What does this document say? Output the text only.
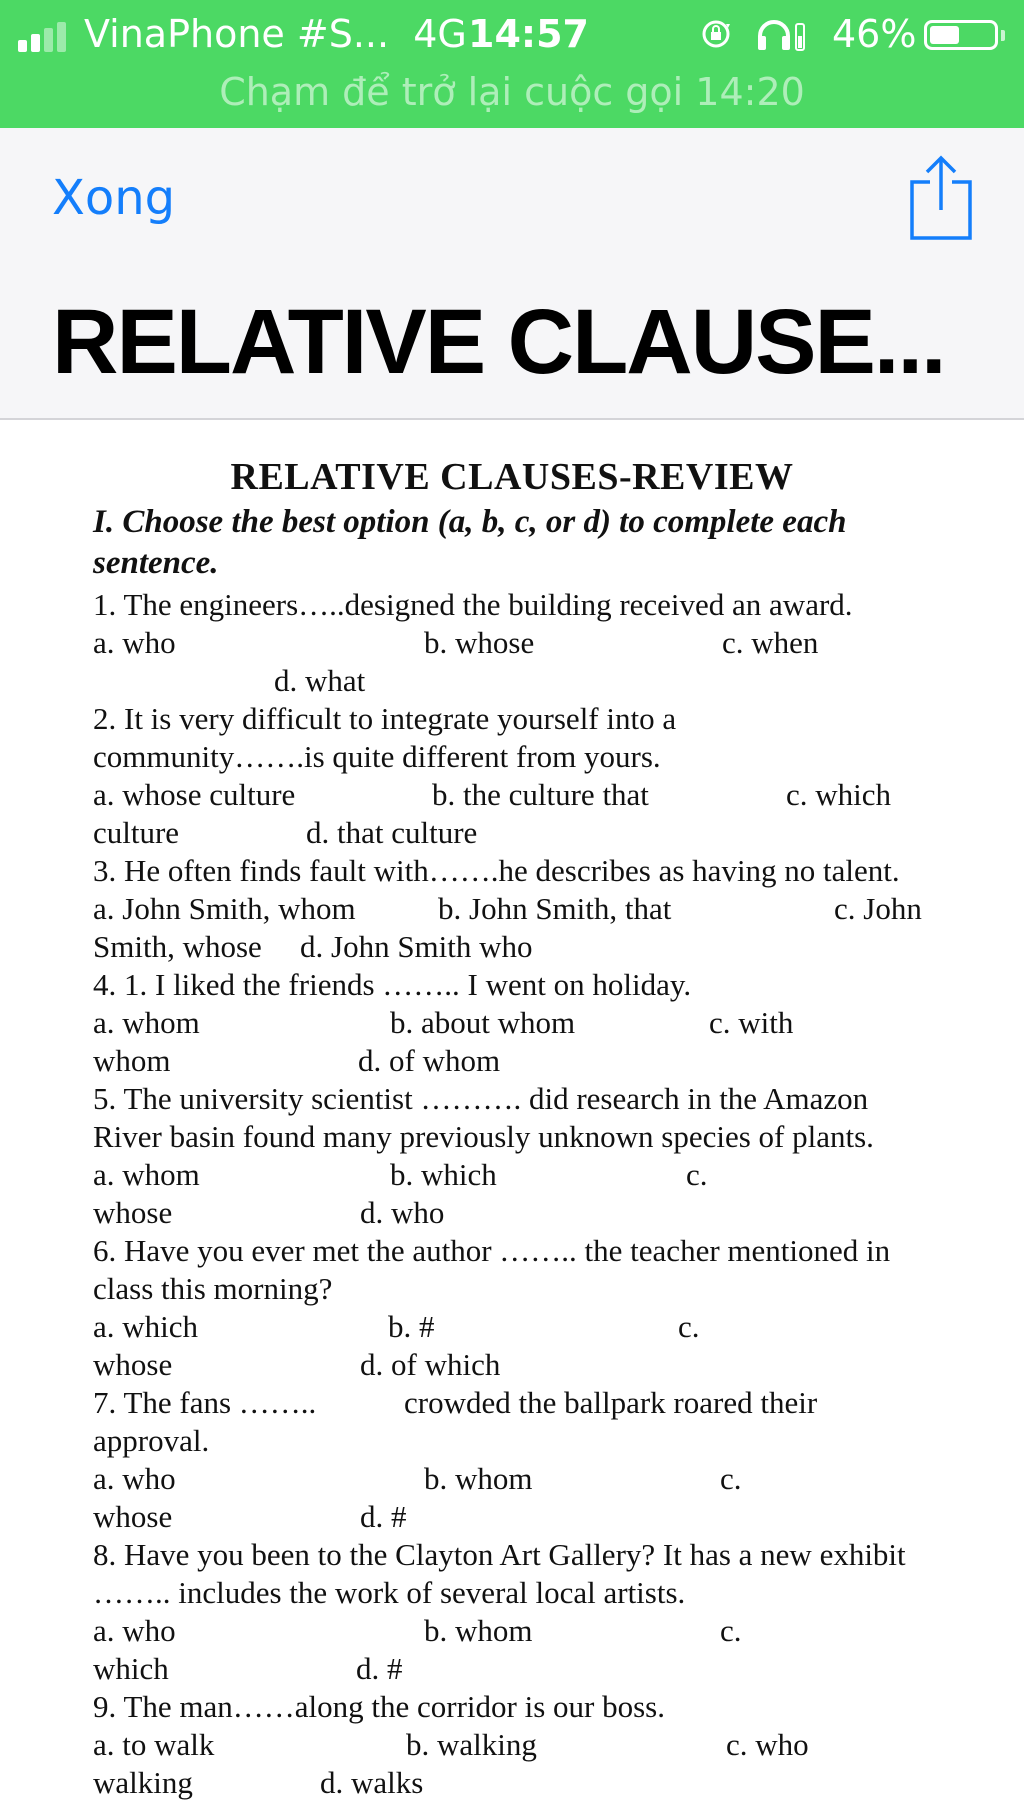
VinaPhone #S... 4G 14:57	46%
Chạm để trở lại cuộc gọi 14:20
Xong
RELATIVE CLAUSE...
RELATIVE CLAUSES-REVIEW
I. Choose the best option (a, b, c, or d) to complete each
sentence.
1. The engineers…..designed the building received an award.
a. who	b. whose	c. when
d. what
2. It is very difficult to integrate yourself into a
community…….is quite different from yours.
a. whose culture	b. the culture that	c. which
culture	d. that culture
3. He often finds fault with…….he describes as having no talent.
a. John Smith, whom	b. John Smith, that	c. John
Smith, whose d. John Smith who
4. 1. I liked the friends …….. I went on holiday.
a. whom	b. about whom	c. with
whom	d. of whom
5. The university scientist ………. did research in the Amazon
River basin found many previously unknown species of plants.
a. whom	b. which	c.
whose	d. who
6. Have you ever met the author …….. the teacher mentioned in
class this morning?
a. which	b. #	c.
whose	d. of which
7. The fans ……..	crowded the ballpark roared their
approval.
a. who	b. whom	c.
whose	d. #
8. Have you been to the Clayton Art Gallery? It has a new exhibit
…….. includes the work of several local artists.
a. who	b. whom	c.
which	d. #
9. The man……along the corridor is our boss.
a. to walk	b. walking	c. who
walking	d. walks
